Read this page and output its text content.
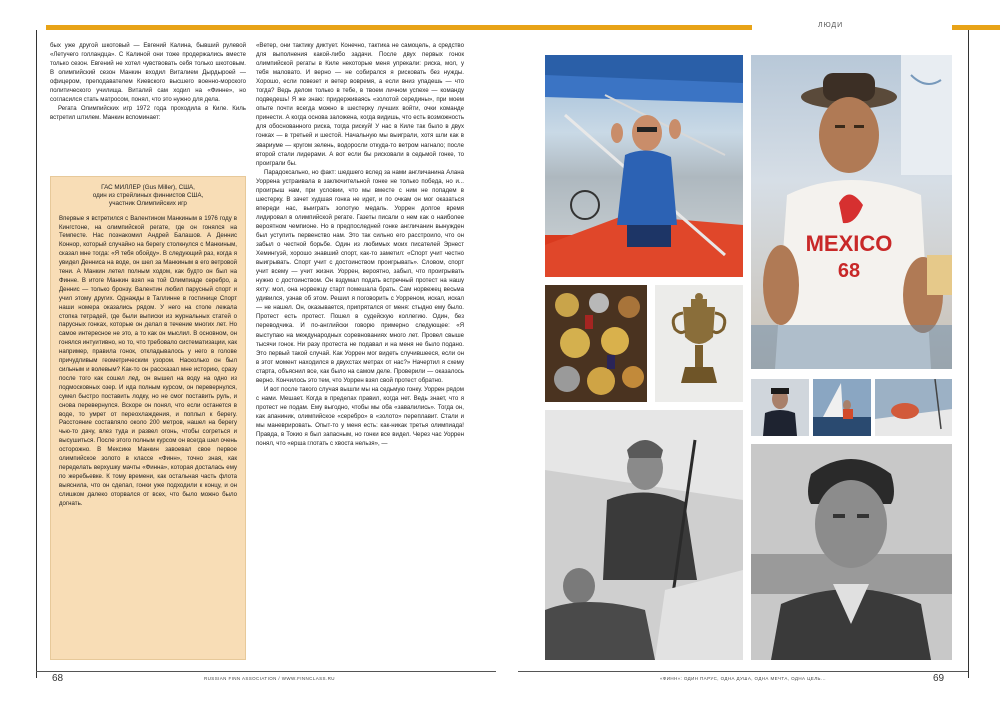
ЛЮДИ

бых уже другой шкотовый — Евгений Калина, бывший рулевой «Летучего голландца». С Калиной они тоже продержались вместе только сезон. Евгений не хотел чувствовать себя только шкотовым. В олимпийский сезон Манкин входил Виталием Дырдыроей — офицером, преподавателем Киевского высшего военно-морского политического училища. Виталий сам ходил на «Финне», но согласился стать матросом, понял, что это нужно для дела.

Регата Олимпийских игр 1972 года проходила в Киле. Киль встретил штилем. Манкин вспоминает:

ГАС МИЛЛЕР (Gus Miller), США,
один из стрейлиных финнистов США,
участник Олимпийских игр
Впервые я встретился с Валентином Манкиным в 1976 году в Кингстоне, на олимпийской регате, где он гонялся на Темпесте. Нас познакомил Андрей Балашов. А Деннис Коннор, который случайно на берегу столкнулся с Манкиным, сказал мне тогда: «Я тебя обойду». В следующий раз, когда я увидел Денниса на воде, он шел за Манкиным в его ветровой тени. А Манкин летел полным ходом, как будто он был на Финне. В итоге Манкин взял на той Олимпиаде серебро, а Деннис — только бронзу. Валентин любил парусный спорт и учил этому других. Однажды в Таллинне в гостинице Спорт наши номера оказались рядом. У него на столе лежала стопка тетрадей, где были выписки из журнальных статей о парусных гонках, которые он делал в течение многих лет. Но самое интересное не это, а то как он мыслил. В основном, он гонялся интуитивно, но то, что требовало систематизации, как например, правила гонок, откладывалось у него в голове причудливым геометрическим узором. Насколько он был сильным и волевым? Как-то он рассказал мне историю, сразу после того как сошел лед, он вышел на воду на одно из подмосковных озер. И ида полным курсом, он перевернулся, сумел быстро поставить лодку, но не смог поставить руль, и снова перевернулся. Вскоре он понял, что если останется в воде, то умрет от переохлаждения, и поплыл к берегу. Расстояние составляло около 200 метров, нашел на берегу чью-то дачу, влез туда и развел огонь, чтобы согреться и высушиться. После этого полным курсом он всегда шел очень осторожно. В Мексике Манкин завоевал свое первое олимпийское золото в классе «Финн», точно зная, как переделать верхушку мачты «Финна», которая досталась ему по жеребьевке. К тому времени, как остальная часть флота выяснила, что он сделал, гонки уже подходили к концу, и он слишком далеко оторвался от всех, что было можно было догнать.

«Ветер, они тактику диктует. Конечно, тактика не самоцель, а средство для выполнения какой-либо задачи. После двух первых гонок олимпийской регаты в Киле некоторые меня упрекали: риска, мол, у тебя маловато. И верно — не собирался я рисковать без нужды. Хорошо, если повезет и ветер вовремя, а если вниз упадешь — что тогда? Ведь делом только в тебе, в твоем личном успехе — команду подведешь! Я же знаю: придерживаясь «золотой середины», при моем опыте почти всегда можно в шестерку лучших войти, очки команде принести. А когда основа заложена, когда видишь, что есть возможность для обоснованного риска, тогда рискуй! У нас в Киле так было в двух гонках — в третьей и шестой. Начальную мы выиграли, хотя шли как в эвариуме — кругом зелень, водоросли откуда-то ветром нагнало; после второй стали лидерами. А вот если бы рисковали в седьмой гонке, то проиграли бы.

Парадоксально, но факт: шедшего вслед за нами англичанина Алана Уоррена устраивала в заключительной гонке не только победа, но и... проигрыш нам, при условии, что мы вместе с ним не попадем в шестерку. В зачет худшая гонка не идет, и по очкам он мог оказаться впереди нас, выиграть золотую медаль. Уоррен долгое время лидировал в олимпийской регате. Газеты писали о нем как о наиболее вероятном чемпионе. Но в предпоследней гонке англичанин вынужден был уступить первенство нам. Это так сильно его расстроило, что он забыл о честной борьбе. Один из любимых моих писателей Эрнест Хемингуэй, хорошо знавший спорт, как-то заметил: «Спорт учит честно выигрывать. Спорт учит с достоинством проигрывать». Словом, спорт учит всему — учит жизни. Уоррен, вероятно, забыл, что проигрывать нужно с достоинством. Он вздумал подать встречный протест на нашу яхту: мол, она норвежцу старт помешала брать. Сам норвежец весьма удивился, узнав об этом. Решил я поговорить с Уорреном, искал, искал — не нашел. Он, оказывается, припрятался от меня: стыдно ему было. Протест есть протест. Пошел в судейскую коллегию. Один, без переводчика. И по-английски говорю примерно следующее: «Я выступаю на международных соревнованиях много лет. Провел свыше тысячи гонок. Ни разу протеста не подавал и на меня не было подано. Это первый такой случай. Как Уоррен мог видеть случившееся, если он в этот момент находился в двухстах метрах от нас?» Начертил я схему старта, объяснил все, как было на самом деле. Проверили — оказалось верно. Кончилось это тем, что Уоррен взял свой протест обратно.

И вот после такого случая вышли мы на седьмую гонку. Уоррен рядом с нами. Мешает. Когда в пределах правил, когда нет. Ведь знает, что я протест не подам. Ему выгодно, чтобы мы оба «завалились». Тогда он, как апаниник, олимпийское «серебро» в «золото» переплавит. Стали и мы маневрировать. Опыт-то у меня есть: как-никак третья олимпиада! Правда, в Токио я был запасным, но гонки все видел. Через час Уоррен понял, что «ерша глотать с хвоста нельзя», —

MEXICO
68
68	RUSSIAN FINN ASSOCIATION / WWW.FINNCLASS.RU	«ФИНН»: ОДИН ПАРУС, ОДНА ДУША, ОДНА МЕЧТА, ОДНА ЦЕЛЬ...	69
